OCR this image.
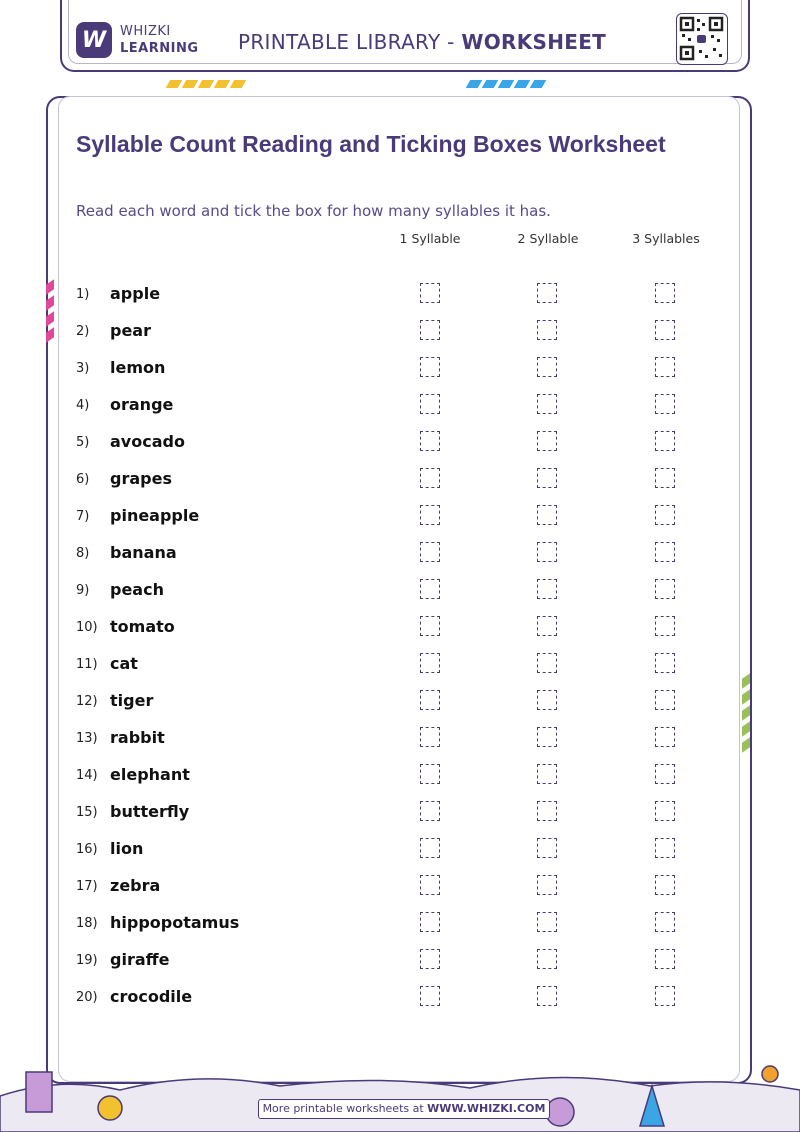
W	WHIZKI
LEARNING PRINTABLE LIBRARY - WORKSHEET
Syllable Count Reading and Ticking Boxes Worksheet
Read each word and tick the box for how many syllables it has.
1 Syllable	2 Syllable	3 Syllables
1) apple
2) pear
3) lemon
4) orange
5) avocado
6) grapes
7) pineapple
8) banana
9) peach
10) tomato
11) cat
12) tiger
13) rabbit
14) elephant
15) butterfly
16) lion
17) zebra
18) hippopotamus
19) giraffe
20) crocodile
More printable worksheets at WWW.WHIZKI.COM
